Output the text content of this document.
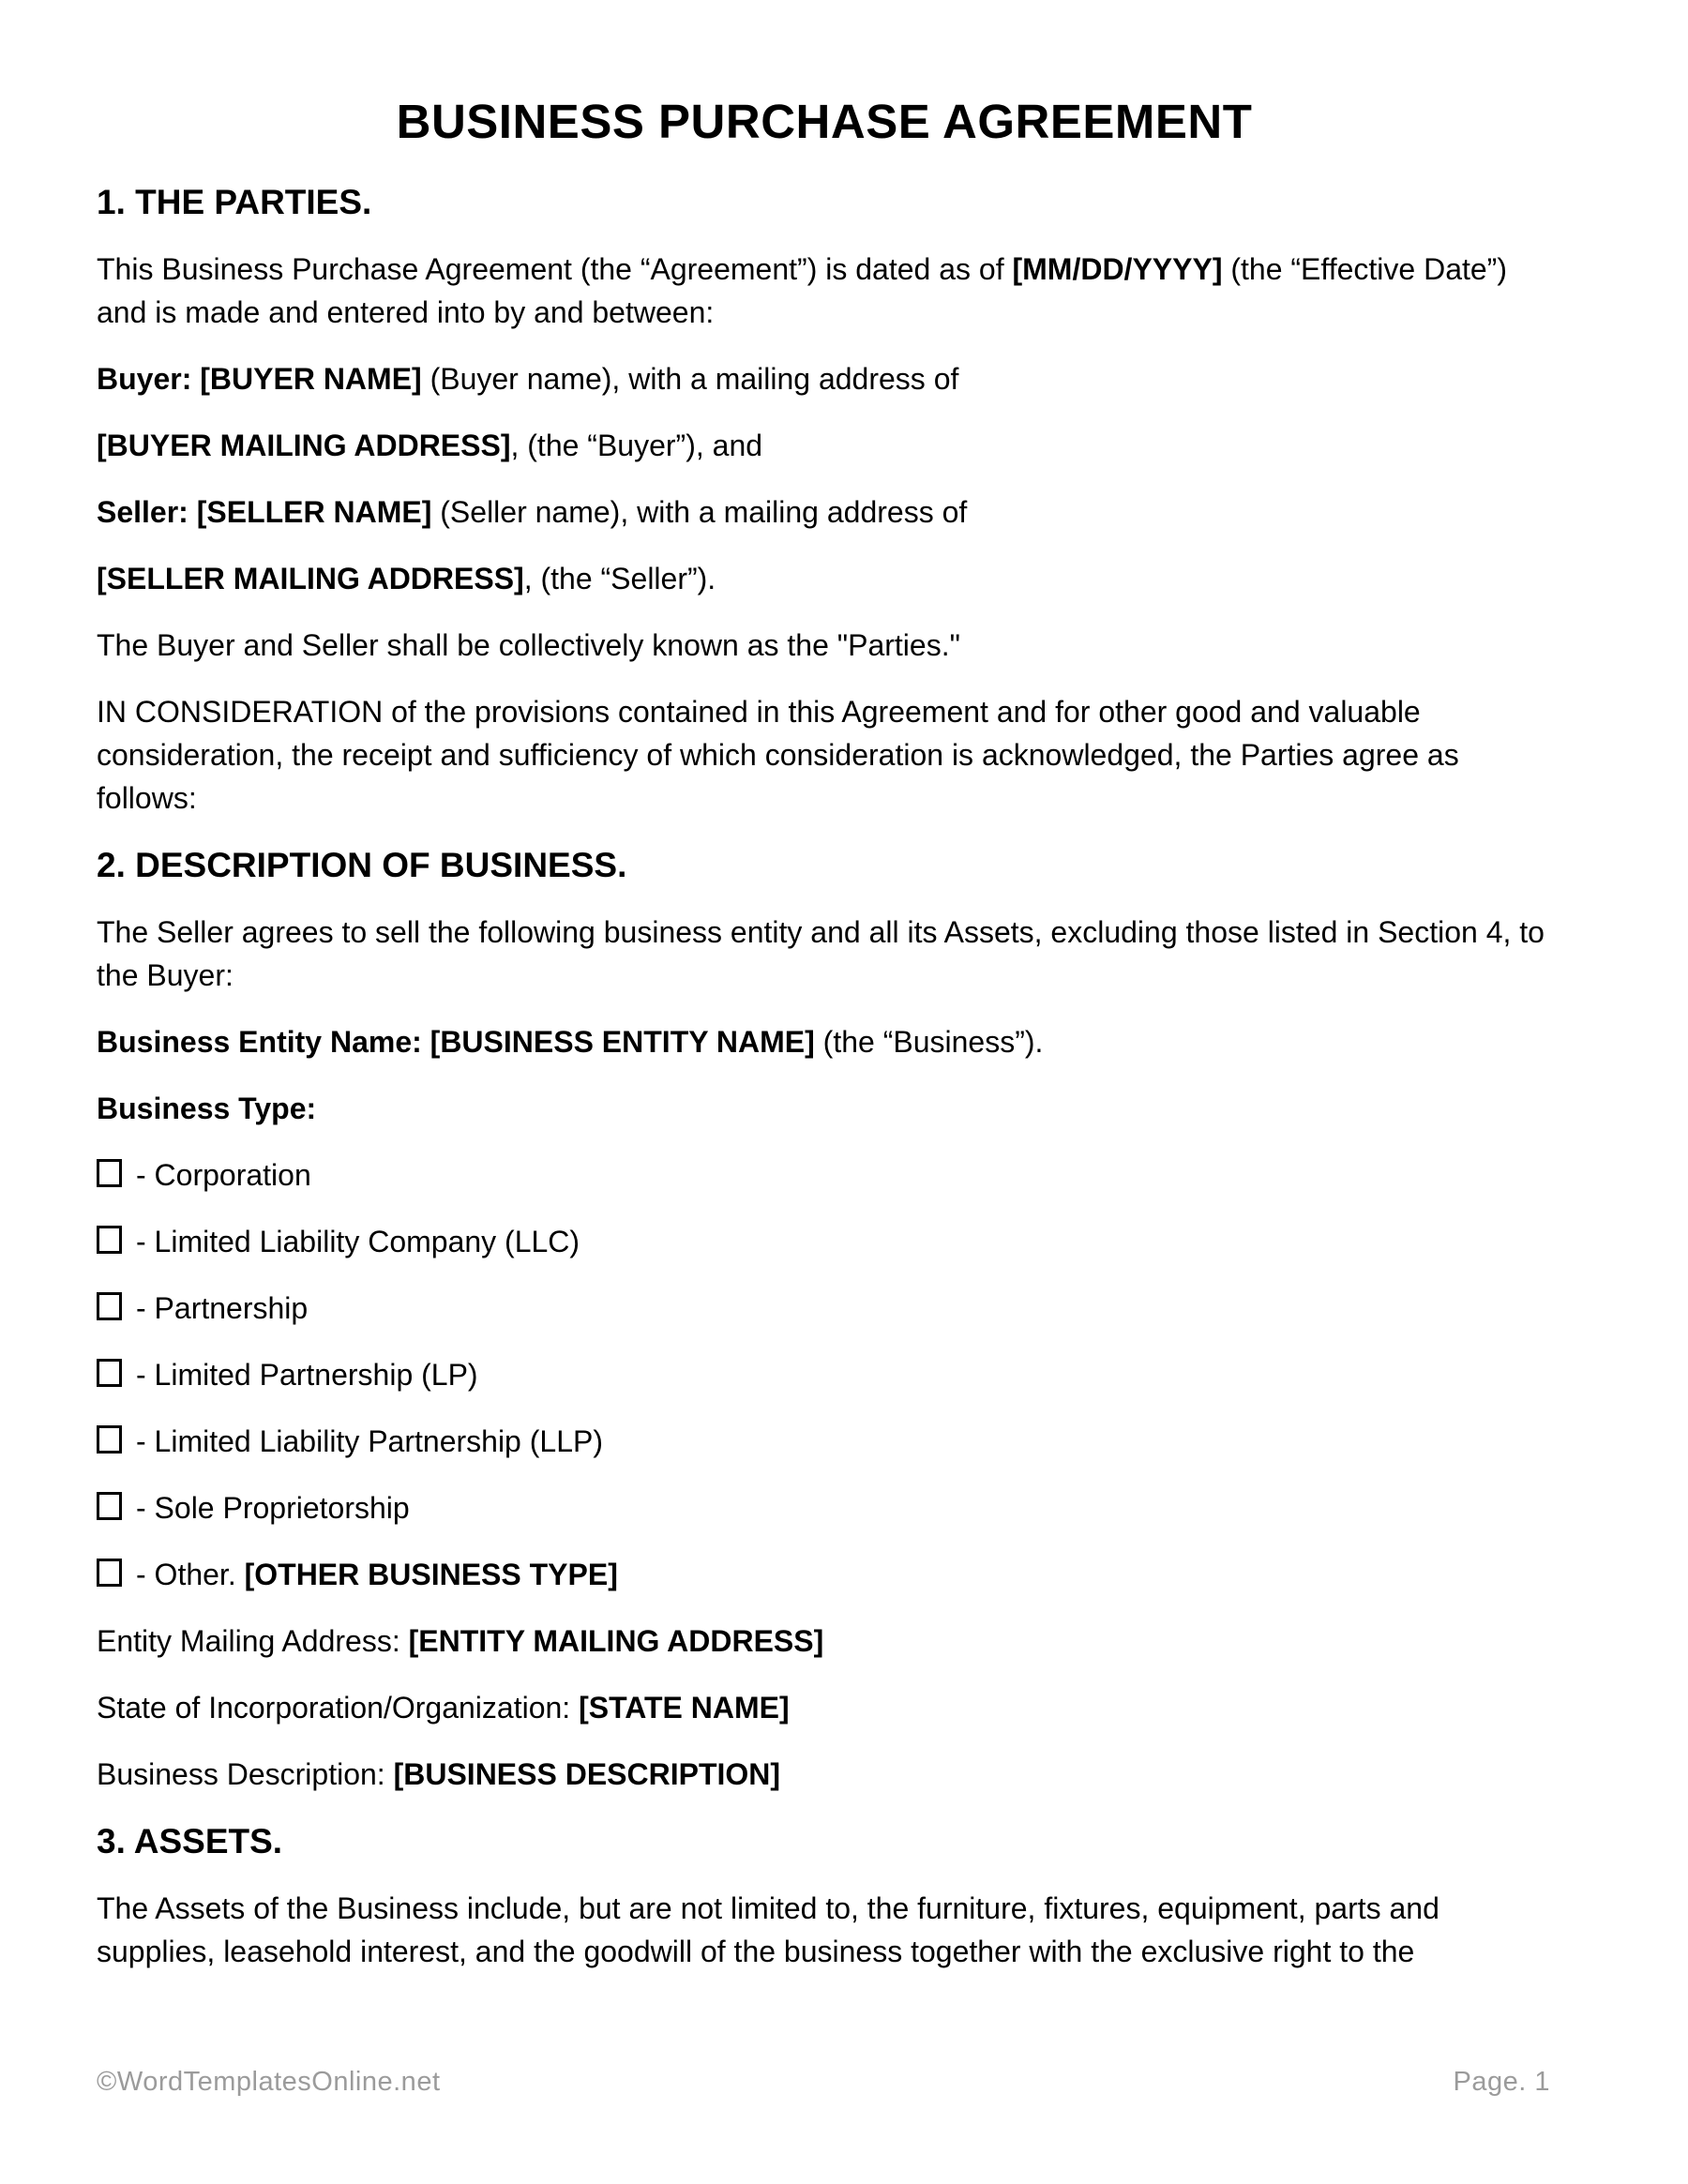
BUSINESS PURCHASE AGREEMENT
1. THE PARTIES.

This Business Purchase Agreement (the “Agreement”) is dated as of [MM/DD/YYYY] (the “Effective Date”) and is made and entered into by and between:

Buyer: [BUYER NAME] (Buyer name), with a mailing address of

[BUYER MAILING ADDRESS], (the “Buyer”), and

Seller: [SELLER NAME] (Seller name), with a mailing address of

[SELLER MAILING ADDRESS], (the “Seller”).

The Buyer and Seller shall be collectively known as the "Parties."

IN CONSIDERATION of the provisions contained in this Agreement and for other good and valuable consideration, the receipt and sufficiency of which consideration is acknowledged, the Parties agree as follows:

2. DESCRIPTION OF BUSINESS.

The Seller agrees to sell the following business entity and all its Assets, excluding those listed in Section 4, to the Buyer:

Business Entity Name: [BUSINESS ENTITY NAME] (the “Business”).

Business Type:

- Corporation

- Limited Liability Company (LLC)

- Partnership

- Limited Partnership (LP)

- Limited Liability Partnership (LLP)

- Sole Proprietorship

- Other. [OTHER BUSINESS TYPE]

Entity Mailing Address: [ENTITY MAILING ADDRESS]

State of Incorporation/Organization: [STATE NAME]

Business Description: [BUSINESS DESCRIPTION]

3. ASSETS.

The Assets of the Business include, but are not limited to, the furniture, fixtures, equipment, parts and supplies, leasehold interest, and the goodwill of the business together with the exclusive right to the

©WordTemplatesOnline.net	Page. 1
